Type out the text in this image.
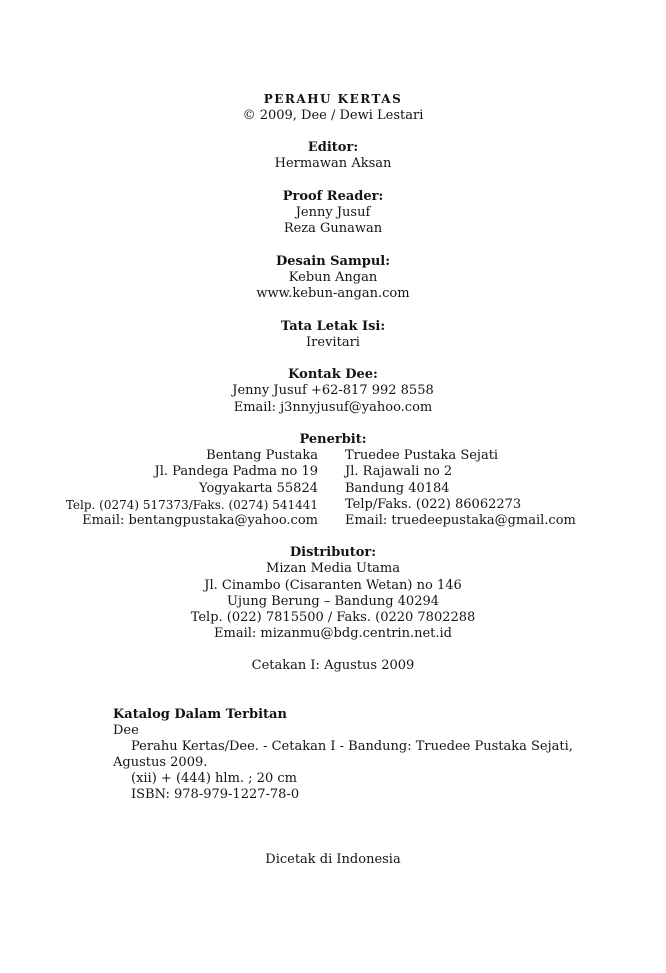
PERAHU KERTAS
© 2009, Dee / Dewi Lestari
Editor:
Hermawan Aksan
Proof Reader:
Jenny Jusuf
Reza Gunawan
Desain Sampul:
Kebun Angan
www.kebun-angan.com
Tata Letak Isi:
Irevitari
Kontak Dee:
Jenny Jusuf +62-817 992 8558
Email: j3nnyjusuf@yahoo.com
Penerbit:
Bentang Pustaka
Jl. Pandega Padma no 19
Yogyakarta 55824
Telp. (0274) 517373/Faks. (0274) 541441
Email: bentangpustaka@yahoo.com
Truedee Pustaka Sejati
Jl. Rajawali no 2
Bandung 40184
Telp/Faks. (022) 86062273
Email: truedeepustaka@gmail.com
Distributor:
Mizan Media Utama
Jl. Cinambo (Cisaranten Wetan) no 146
Ujung Berung – Bandung 40294
Telp. (022) 7815500 / Faks. (0220 7802288
Email: mizanmu@bdg.centrin.net.id
Cetakan I: Agustus 2009
Katalog Dalam Terbitan
Dee
Perahu Kertas/Dee. - Cetakan I - Bandung: Truedee Pustaka Sejati,
Agustus 2009.
(xii) + (444) hlm. ; 20 cm
ISBN: 978-979-1227-78-0
Dicetak di Indonesia
